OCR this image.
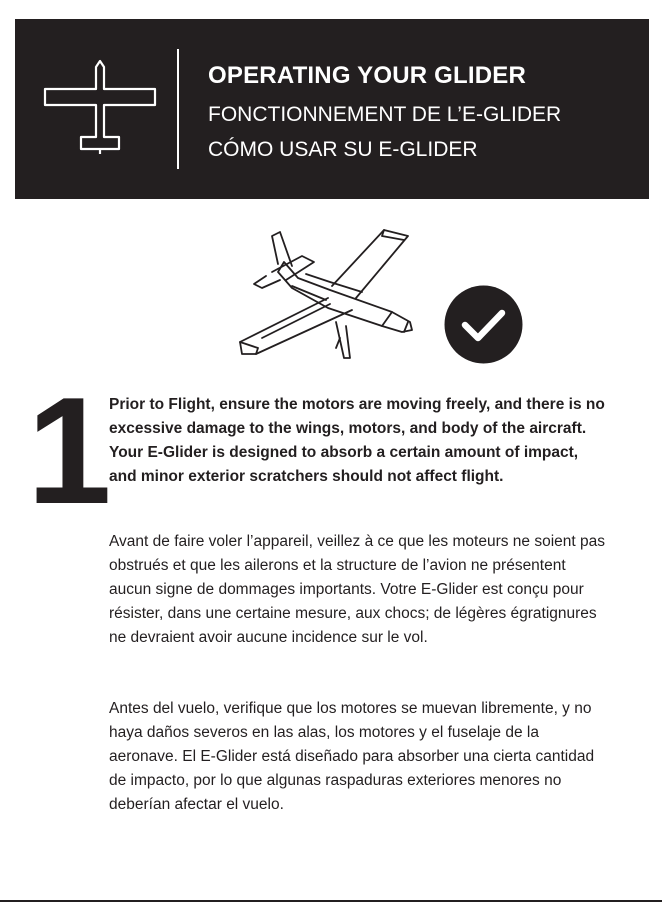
OPERATING YOUR GLIDER
FONCTIONNEMENT DE L’E-GLIDER
CÓMO USAR SU E-GLIDER
1 Prior to Flight, ensure the motors are moving freely, and there is no excessive damage to the wings, motors, and body of the aircraft. Your E-Glider is designed to absorb a certain amount of impact, and minor exterior scratchers should not affect flight.

Avant de faire voler l’appareil, veillez à ce que les moteurs ne soient pas obstrués et que les ailerons et la structure de l’avion ne présentent aucun signe de dommages importants. Votre E-Glider est conçu pour résister, dans une certaine mesure, aux chocs; de légères égratignures ne devraient avoir aucune incidence sur le vol.

Antes del vuelo, verifique que los motores se muevan libremente, y no haya daños severos en las alas, los motores y el fuselaje de la aeronave. El E-Glider está diseñado para absorber una cierta cantidad de impacto, por lo que algunas raspaduras exteriores menores no deberían afectar el vuelo.
